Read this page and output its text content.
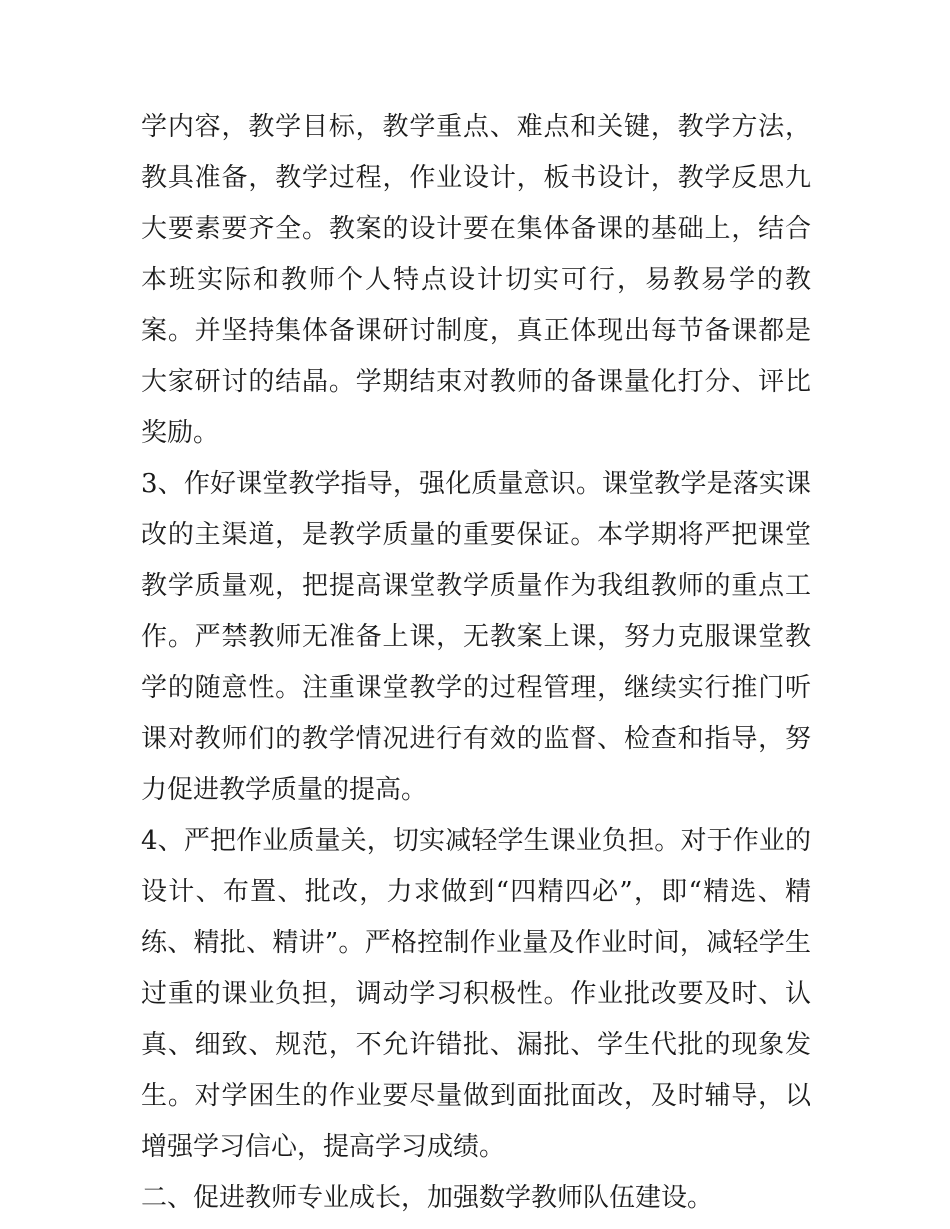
学内容，教学目标，教学重点、难点和关键，教学方法，教具准备，教学过程，作业设计，板书设计，教学反思九大要素要齐全。教案的设计要在集体备课的基础上，结合本班实际和教师个人特点设计切实可行，易教易学的教案。并坚持集体备课研讨制度，真正体现出每节备课都是大家研讨的结晶。学期结束对教师的备课量化打分、评比奖励。

3、作好课堂教学指导，强化质量意识。课堂教学是落实课改的主渠道，是教学质量的重要保证。本学期将严把课堂教学质量观，把提高课堂教学质量作为我组教师的重点工作。严禁教师无准备上课，无教案上课，努力克服课堂教学的随意性。注重课堂教学的过程管理，继续实行推门听课对教师们的教学情况进行有效的监督、检查和指导，努力促进教学质量的提高。

4、严把作业质量关，切实减轻学生课业负担。对于作业的设计、布置、批改，力求做到“四精四必”，即“精选、精练、精批、精讲”。严格控制作业量及作业时间，减轻学生过重的课业负担，调动学习积极性。作业批改要及时、认真、细致、规范，不允许错批、漏批、学生代批的现象发生。对学困生的作业要尽量做到面批面改，及时辅导，以增强学习信心，提高学习成绩。

二、促进教师专业成长，加强数学教师队伍建设。
